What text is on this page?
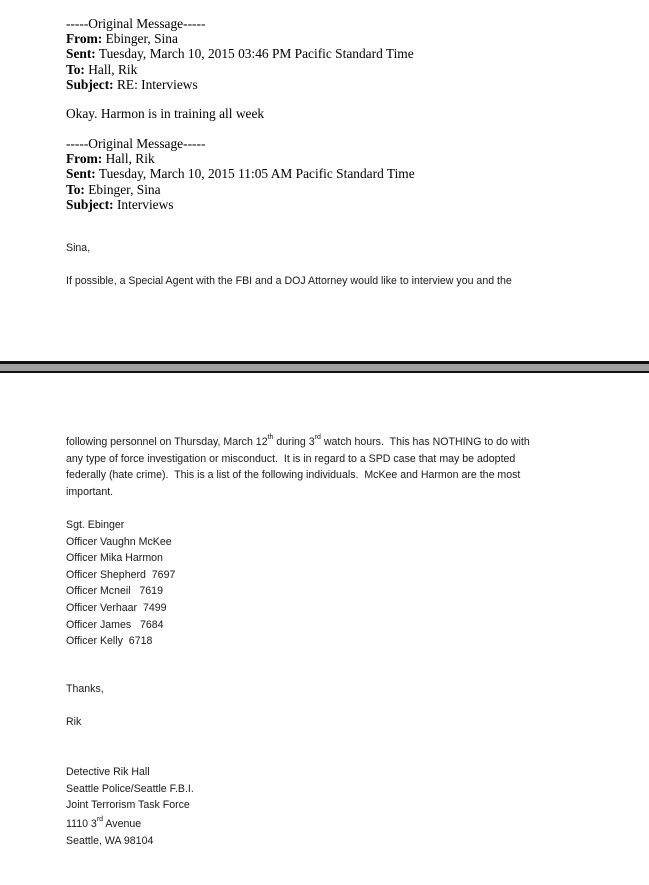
-----Original Message-----
From: Ebinger, Sina
Sent: Tuesday, March 10, 2015 03:46 PM Pacific Standard Time
To: Hall, Rik
Subject: RE: Interviews
Okay. Harmon is in training all week
-----Original Message-----
From: Hall, Rik
Sent: Tuesday, March 10, 2015 11:05 AM Pacific Standard Time
To: Ebinger, Sina
Subject: Interviews
Sina,
If possible, a Special Agent with the FBI and a DOJ Attorney would like to interview you and the
following personnel on Thursday, March 12th during 3rd watch hours.  This has NOTHING to do with
any type of force investigation or misconduct.  It is in regard to a SPD case that may be adopted
federally (hate crime).  This is a list of the following individuals.  McKee and Harmon are the most
important.
Sgt. Ebinger
Officer Vaughn McKee
Officer Mika Harmon
Officer Shepherd  7697
Officer Mcneil   7619
Officer Verhaar  7499
Officer James   7684
Officer Kelly  6718
Thanks,
Rik
Detective Rik Hall
Seattle Police/Seattle F.B.I.
Joint Terrorism Task Force
1110 3rd Avenue
Seattle, WA 98104
